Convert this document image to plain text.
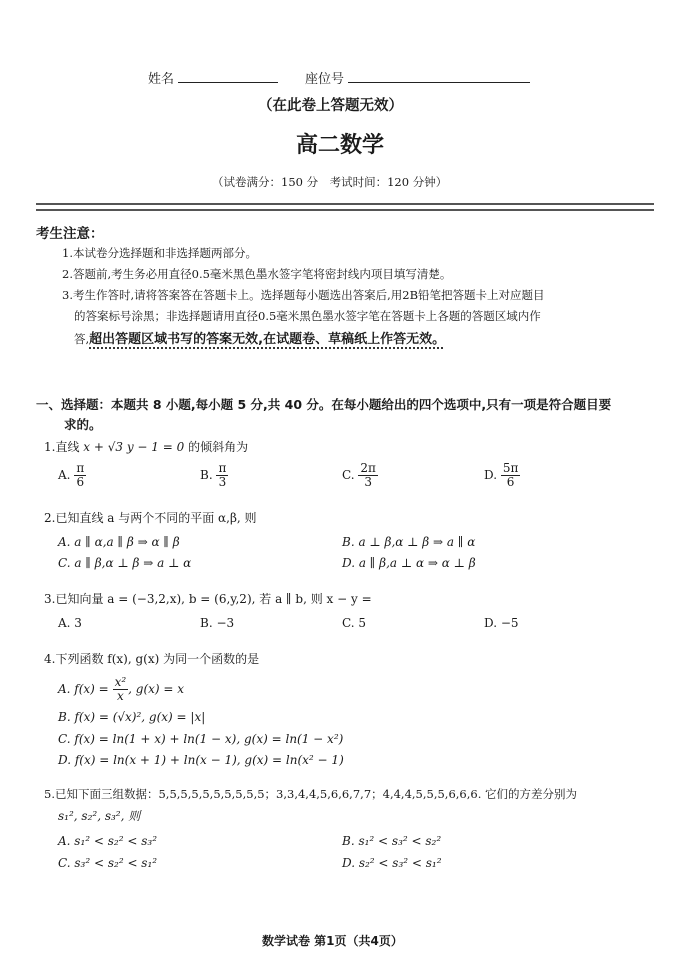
姓名	座位号
（在此卷上答题无效）
高二数学
（试卷满分：150 分　考试时间：120 分钟）
考生注意：
1.本试卷分选择题和非选择题两部分。
2.答题前,考生务必用直径0.5毫米黑色墨水签字笔将密封线内项目填写清楚。
3.考生作答时,请将答案答在答题卡上。选择题每小题选出答案后,用2B铅笔把答题卡上对应题目
的答案标号涂黑；非选择题请用直径0.5毫米黑色墨水签字笔在答题卡上各题的答题区域内作
答,超出答题区域书写的答案无效,在试题卷、草稿纸上作答无效。
一、选择题：本题共 8 小题,每小题 5 分,共 40 分。在每小题给出的四个选项中,只有一项是符合题目要
求的。
1.直线 x + √3 y − 1 = 0 的倾斜角为
A. $\frac{\pi}{6}$	B. $\frac{\pi}{3}$	C. $\frac{2\pi}{3}$	D. $\frac{5\pi}{6}$
2.已知直线 a 与两个不同的平面 α,β, 则
A. a ∥ α,a ∥ β ⇒ α ∥ β	B. a ⊥ β,α ⊥ β ⇒ a ∥ α
C. a ∥ β,α ⊥ β ⇒ a ⊥ α	D. a ∥ β,a ⊥ α ⇒ α ⊥ β
3.已知向量 a = (−3,2,x), b = (6,y,2), 若 a ∥ b, 则 x − y =
A. 3	B. −3	C. 5	D. −5
4.下列函数 f(x), g(x) 为同一个函数的是
A. $f(x) = \frac{\text{x²}}{x}$ , g(x) = x
B. f(x) = (√x)², g(x) = |x|
C. f(x) = ln(1 + x) + ln(1 − x), g(x) = ln(1 − x²)
D. f(x) = ln(x + 1) + ln(x − 1), g(x) = ln(x² − 1)
5.已知下面三组数据：5,5,5,5,5,5,5,5,5,5；3,3,4,4,5,6,6,7,7；4,4,4,5,5,5,6,6,6. 它们的方差分别为
s₁², s₂², s₃², 则
A. s₁² < s₂² < s₃²	B. s₁² < s₃² < s₂²
C. s₃² < s₂² < s₁²	D. s₂² < s₃² < s₁²
数学试卷 第1页（共4页）
